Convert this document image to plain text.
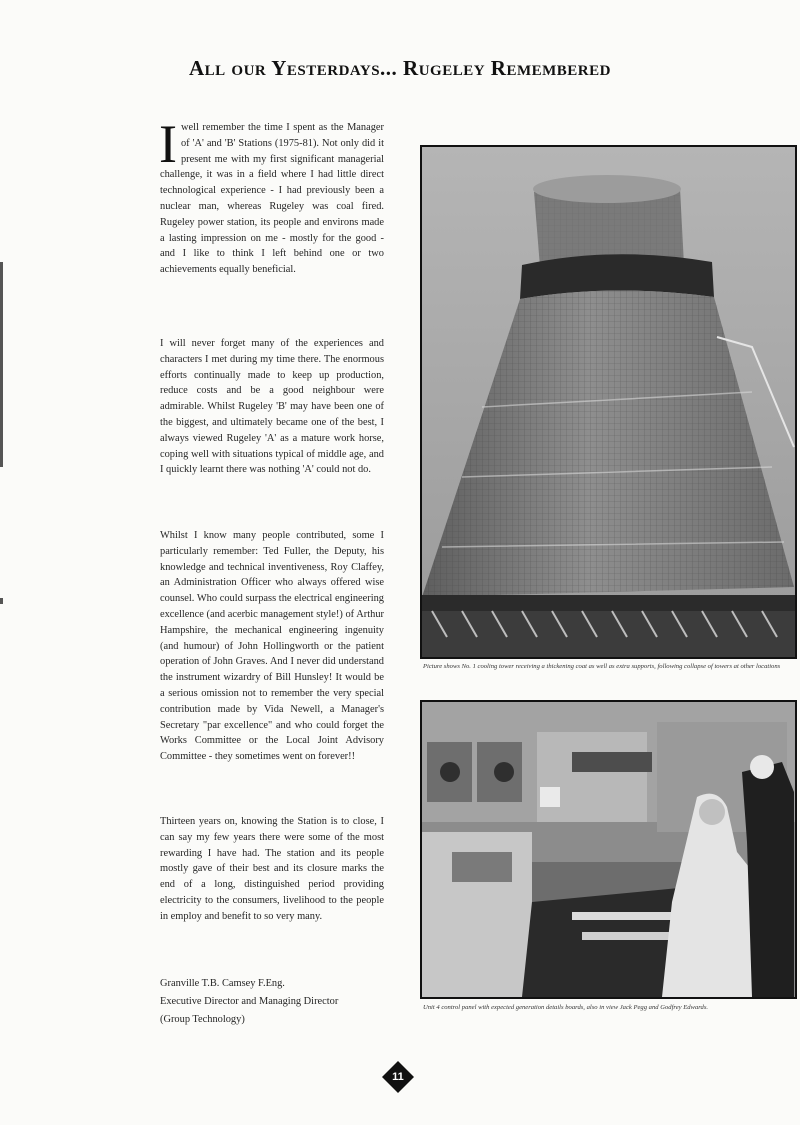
All our Yesterdays... Rugeley Remembered
I well remember the time I spent as the Manager of 'A' and 'B' Stations (1975-81). Not only did it present me with my first significant managerial challenge, it was in a field where I had little direct technological experience - I had previously been a nuclear man, whereas Rugeley was coal fired. Rugeley power station, its people and environs made a lasting impression on me - mostly for the good - and I like to think I left behind one or two achievements equally beneficial.

I will never forget many of the experiences and characters I met during my time there. The enormous efforts continually made to keep up production, reduce costs and be a good neighbour were admirable. Whilst Rugeley 'B' may have been one of the biggest, and ultimately became one of the best, I always viewed Rugeley 'A' as a mature work horse, coping well with situations typical of middle age, and I quickly learnt there was nothing 'A' could not do.

Whilst I know many people contributed, some I particularly remember: Ted Fuller, the Deputy, his knowledge and technical inventiveness, Roy Claffey, an Administration Officer who always offered wise counsel. Who could surpass the electrical engineering excellence (and acerbic management style!) of Arthur Hampshire, the mechanical engineering ingenuity (and humour) of John Hollingworth or the patient operation of John Graves. And I never did understand the instrument wizardry of Bill Hunsley! It would be a serious omission not to remember the very special contribution made by Vida Newell, a Manager's Secretary "par excellence" and who could forget the Works Committee or the Local Joint Advisory Committee - they sometimes went on forever!!

Thirteen years on, knowing the Station is to close, I can say my few years there were some of the most rewarding I have had. The station and its people mostly gave of their best and its closure marks the end of a long, distinguished period providing electricity to the consumers, livelihood to the people in employ and benefit to so very many.

Granville T.B. Camsey F.Eng.
Executive Director and Managing Director
(Group Technology)
Picture shows No. 1 cooling tower receiving a thickening coat as well as extra supports, following collapse of towers at other locations
Unit 4 control panel with expected generation details boards, also in view Jack Pegg and Godfrey Edwards.
11
